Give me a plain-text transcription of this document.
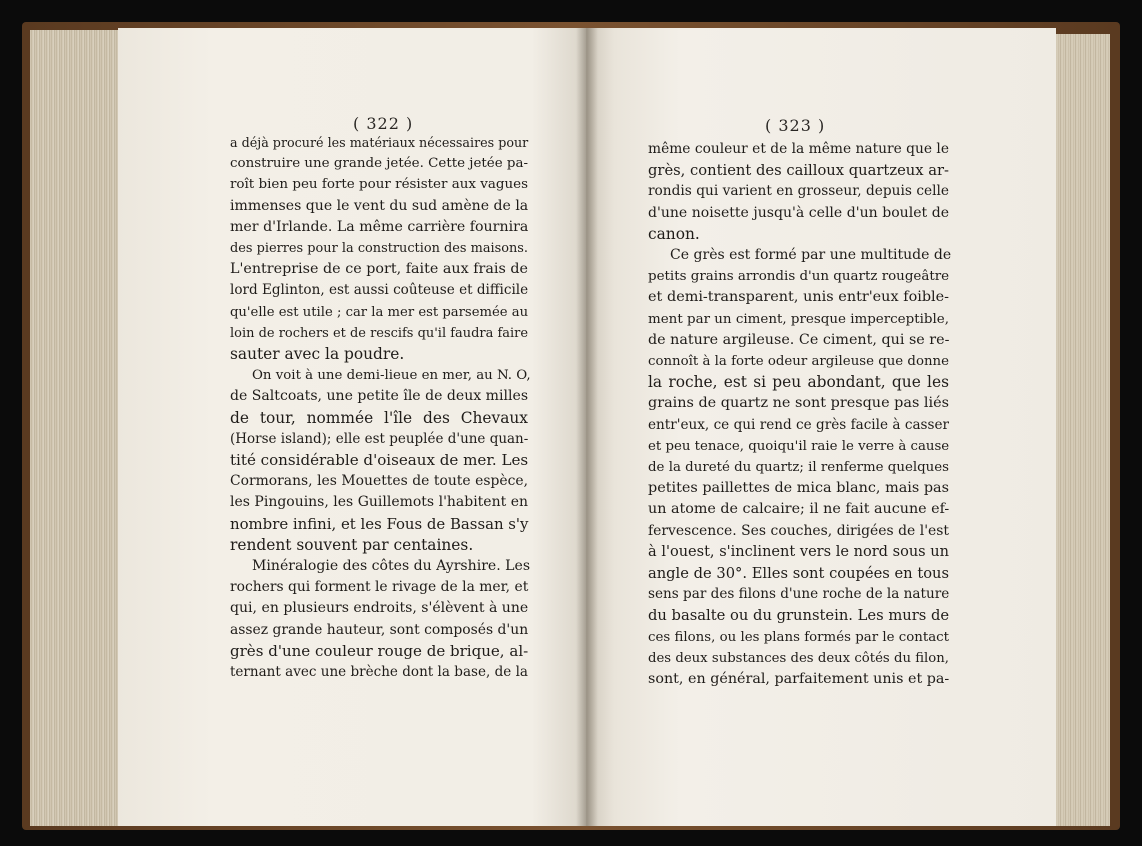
( 322 )	( 323 )
a déjà procuré les matériaux nécessaires pour
construire une grande jetée. Cette jetée pa-
roît bien peu forte pour résister aux vagues
immenses que le vent du sud amène de la
mer d'Irlande. La même carrière fournira
des pierres pour la construction des maisons.
L'entreprise de ce port, faite aux frais de
lord Eglinton, est aussi coûteuse et difficile
qu'elle est utile ; car la mer est parsemée au
loin de rochers et de rescifs qu'il faudra faire
sauter avec la poudre.
On voit à une demi-lieue en mer, au N. O,
de Saltcoats, une petite île de deux milles
de tour, nommée l'île des Chevaux
(Horse island); elle est peuplée d'une quan-
tité considérable d'oiseaux de mer. Les
Cormorans, les Mouettes de toute espèce,
les Pingouins, les Guillemots l'habitent en
nombre infini, et les Fous de Bassan s'y
rendent souvent par centaines.
Minéralogie des côtes du Ayrshire. Les
rochers qui forment le rivage de la mer, et
qui, en plusieurs endroits, s'élèvent à une
assez grande hauteur, sont composés d'un
grès d'une couleur rouge de brique, al-
ternant avec une brèche dont la base, de la
même couleur et de la même nature que le
grès, contient des cailloux quartzeux ar-
rondis qui varient en grosseur, depuis celle
d'une noisette jusqu'à celle d'un boulet de
canon.
Ce grès est formé par une multitude de
petits grains arrondis d'un quartz rougeâtre
et demi-transparent, unis entr'eux foible-
ment par un ciment, presque imperceptible,
de nature argileuse. Ce ciment, qui se re-
connoît à la forte odeur argileuse que donne
la roche, est si peu abondant, que les
grains de quartz ne sont presque pas liés
entr'eux, ce qui rend ce grès facile à casser
et peu tenace, quoiqu'il raie le verre à cause
de la dureté du quartz; il renferme quelques
petites paillettes de mica blanc, mais pas
un atome de calcaire; il ne fait aucune ef-
fervescence. Ses couches, dirigées de l'est
à l'ouest, s'inclinent vers le nord sous un
angle de 30°. Elles sont coupées en tous
sens par des filons d'une roche de la nature
du basalte ou du grunstein. Les murs de
ces filons, ou les plans formés par le contact
des deux substances des deux côtés du filon,
sont, en général, parfaitement unis et pa-
